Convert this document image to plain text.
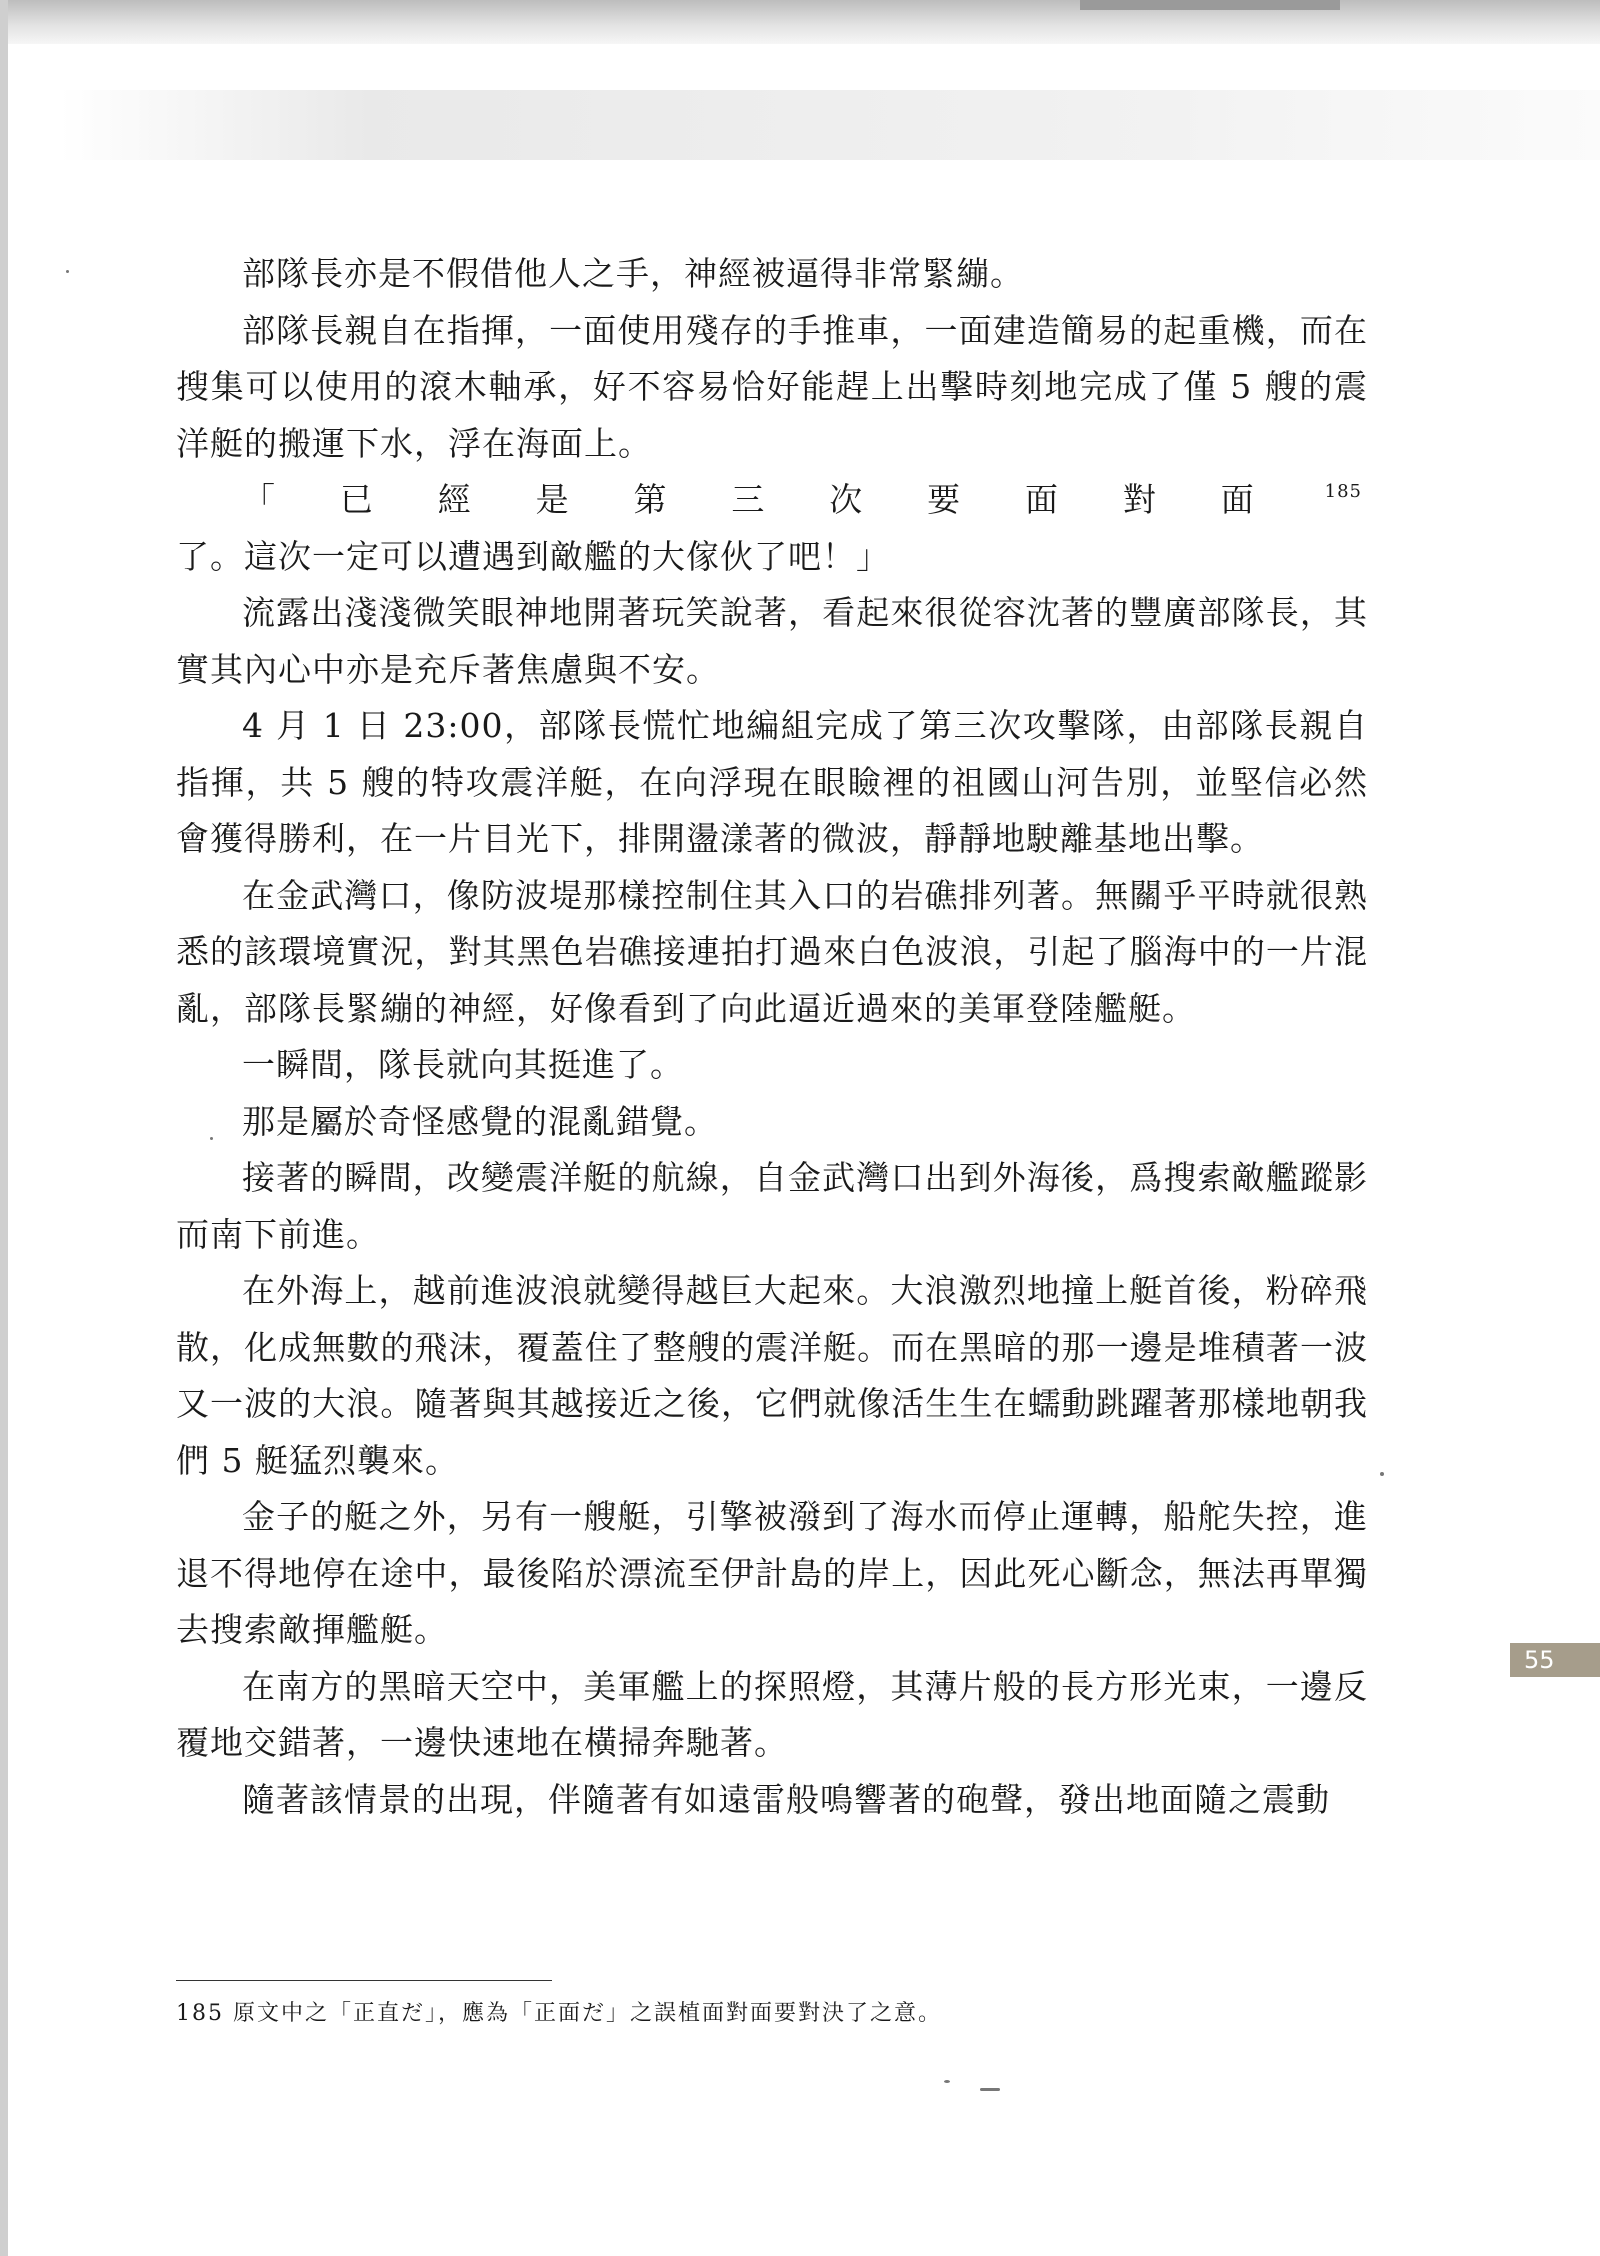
部隊長亦是不假借他人之手，神經被逼得非常緊繃。

部隊長親自在指揮，一面使用殘存的手推車，一面建造簡易的起重機，而在搜集可以使用的滾木軸承，好不容易恰好能趕上出擊時刻地完成了僅 5 艘的震洋艇的搬運下水，浮在海面上。

「已經是第三次要面對面 $^{185}$了。這次一定可以遭遇到敵艦的大傢伙了吧！」

流露出淺淺微笑眼神地開著玩笑說著，看起來很從容沈著的豐廣部隊長，其實其內心中亦是充斥著焦慮與不安。

4 月 1 日 23:00，部隊長慌忙地編組完成了第三次攻擊隊，由部隊長親自指揮，共 5 艘的特攻震洋艇，在向浮現在眼瞼裡的祖國山河告別，並堅信必然會獲得勝利，在一片目光下，排開盪漾著的微波，靜靜地駛離基地出擊。

在金武灣口，像防波堤那樣控制住其入口的岩礁排列著。無關乎平時就很熟悉的該環境實況，對其黑色岩礁接連拍打過來白色波浪，引起了腦海中的一片混亂，部隊長緊繃的神經，好像看到了向此逼近過來的美軍登陸艦艇。

一瞬間，隊長就向其挺進了。

那是屬於奇怪感覺的混亂錯覺。

接著的瞬間，改變震洋艇的航線，自金武灣口出到外海後，爲搜索敵艦蹤影而南下前進。

在外海上，越前進波浪就變得越巨大起來。大浪激烈地撞上艇首後，粉碎飛散，化成無數的飛沫，覆蓋住了整艘的震洋艇。而在黑暗的那一邊是堆積著一波又一波的大浪。隨著與其越接近之後，它們就像活生生在蠕動跳躍著那樣地朝我們 5 艇猛烈襲來。

金子的艇之外，另有一艘艇，引擎被潑到了海水而停止運轉，船舵失控，進退不得地停在途中，最後陷於漂流至伊計島的岸上，因此死心斷念，無法再單獨去搜索敵揮艦艇。

在南方的黑暗天空中，美軍艦上的探照燈，其薄片般的長方形光束，一邊反覆地交錯著，一邊快速地在橫掃奔馳著。

隨著該情景的出現，伴隨著有如遠雷般鳴響著的砲聲，發出地面隨之震動

185 原文中之「正直だ」，應為「正面だ」之誤植面對面要對決了之意。
55
